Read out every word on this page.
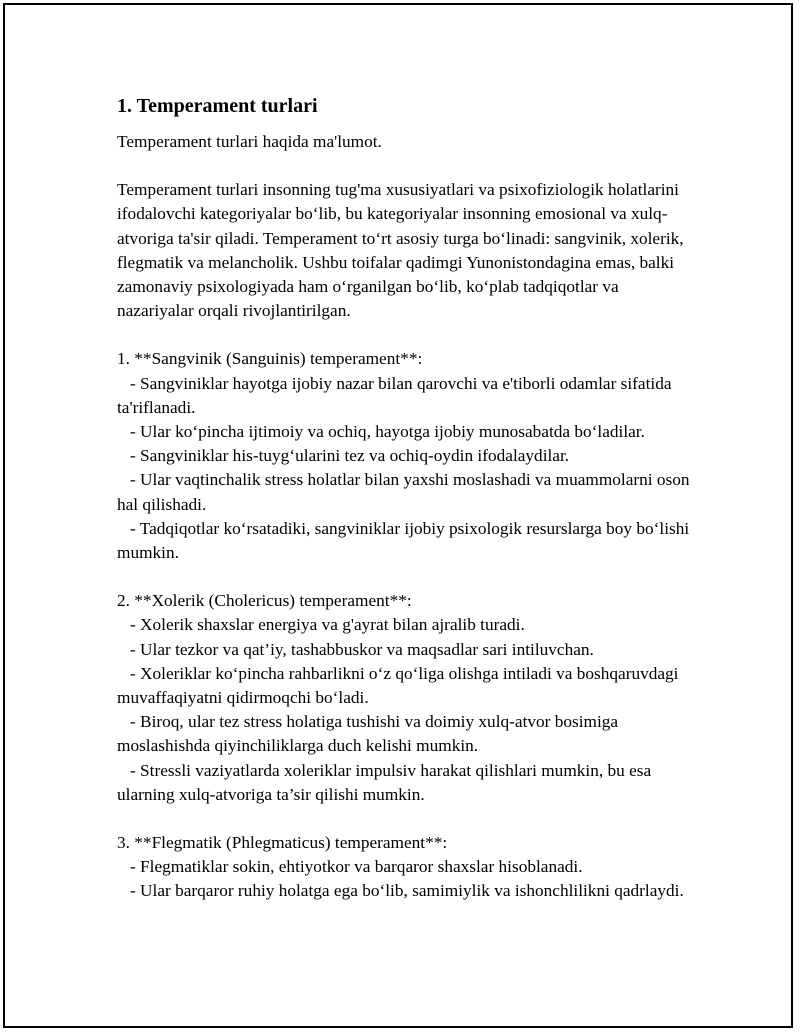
1. Temperament turlari

Temperament turlari haqida ma'lumot.

Temperament turlari insonning tug'ma xususiyatlari va psixofiziologik holatlarini ifodalovchi kategoriyalar bo‘lib, bu kategoriyalar insonning emosional va xulq-atvoriga ta'sir qiladi. Temperament to‘rt asosiy turga bo‘linadi: sangvinik, xolerik, flegmatik va melancholik. Ushbu toifalar qadimgi Yunonistondagina emas, balki zamonaviy psixologiyada ham o‘rganilgan bo‘lib, ko‘plab tadqiqotlar va nazariyalar orqali rivojlantirilgan.

1. **Sangvinik (Sanguinis) temperament**:

- Sangviniklar hayotga ijobiy nazar bilan qarovchi va e'tiborli odamlar sifatida ta'riflanadi.

- Ular ko‘pincha ijtimoiy va ochiq, hayotga ijobiy munosabatda bo‘ladilar.

- Sangviniklar his-tuyg‘ularini tez va ochiq-oydin ifodalaydilar.

- Ular vaqtinchalik stress holatlar bilan yaxshi moslashadi va muammolarni oson hal qilishadi.

- Tadqiqotlar ko‘rsatadiki, sangviniklar ijobiy psixologik resurslarga boy bo‘lishi mumkin.

2. **Xolerik (Cholericus) temperament**:

- Xolerik shaxslar energiya va g'ayrat bilan ajralib turadi.

- Ular tezkor va qat’iy, tashabbuskor va maqsadlar sari intiluvchan.

- Xoleriklar ko‘pincha rahbarlikni o‘z qo‘liga olishga intiladi va boshqaruvdagi muvaffaqiyatni qidirmoqchi bo‘ladi.

- Biroq, ular tez stress holatiga tushishi va doimiy xulq-atvor bosimiga moslashishda qiyinchiliklarga duch kelishi mumkin.

- Stressli vaziyatlarda xoleriklar impulsiv harakat qilishlari mumkin, bu esa ularning xulq-atvoriga ta’sir qilishi mumkin.

3. **Flegmatik (Phlegmaticus) temperament**:

- Flegmatiklar sokin, ehtiyotkor va barqaror shaxslar hisoblanadi.

- Ular barqaror ruhiy holatga ega bo‘lib, samimiylik va ishonchlilikni qadrlaydi.
